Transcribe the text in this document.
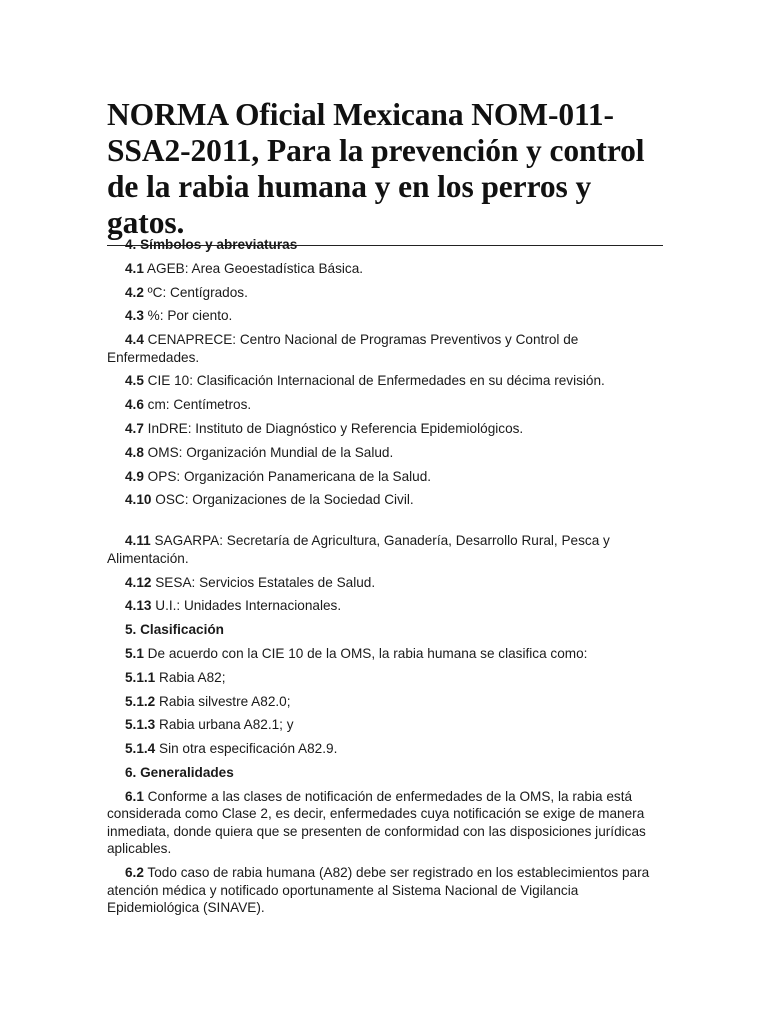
NORMA Oficial Mexicana NOM-011-SSA2-2011, Para la prevención y control de la rabia humana y en los perros y gatos.

4. Símbolos y abreviaturas

4.1 AGEB: Area Geoestadística Básica.

4.2 ºC: Centígrados.

4.3 %: Por ciento.

4.4 CENAPRECE: Centro Nacional de Programas Preventivos y Control de Enfermedades.

4.5 CIE 10: Clasificación Internacional de Enfermedades en su décima revisión.

4.6 cm: Centímetros.

4.7 InDRE: Instituto de Diagnóstico y Referencia Epidemiológicos.

4.8 OMS: Organización Mundial de la Salud.

4.9 OPS: Organización Panamericana de la Salud.

4.10 OSC: Organizaciones de la Sociedad Civil.

4.11 SAGARPA: Secretaría de Agricultura, Ganadería, Desarrollo Rural, Pesca y Alimentación.

4.12 SESA: Servicios Estatales de Salud.

4.13 U.I.: Unidades Internacionales.

5. Clasificación

5.1 De acuerdo con la CIE 10 de la OMS, la rabia humana se clasifica como:

5.1.1 Rabia A82;

5.1.2 Rabia silvestre A82.0;

5.1.3 Rabia urbana A82.1; y

5.1.4 Sin otra especificación A82.9.

6. Generalidades

6.1 Conforme a las clases de notificación de enfermedades de la OMS, la rabia está considerada como Clase 2, es decir, enfermedades cuya notificación se exige de manera inmediata, donde quiera que se presenten de conformidad con las disposiciones jurídicas aplicables.

6.2 Todo caso de rabia humana (A82) debe ser registrado en los establecimientos para atención médica y notificado oportunamente al Sistema Nacional de Vigilancia Epidemiológica (SINAVE).
